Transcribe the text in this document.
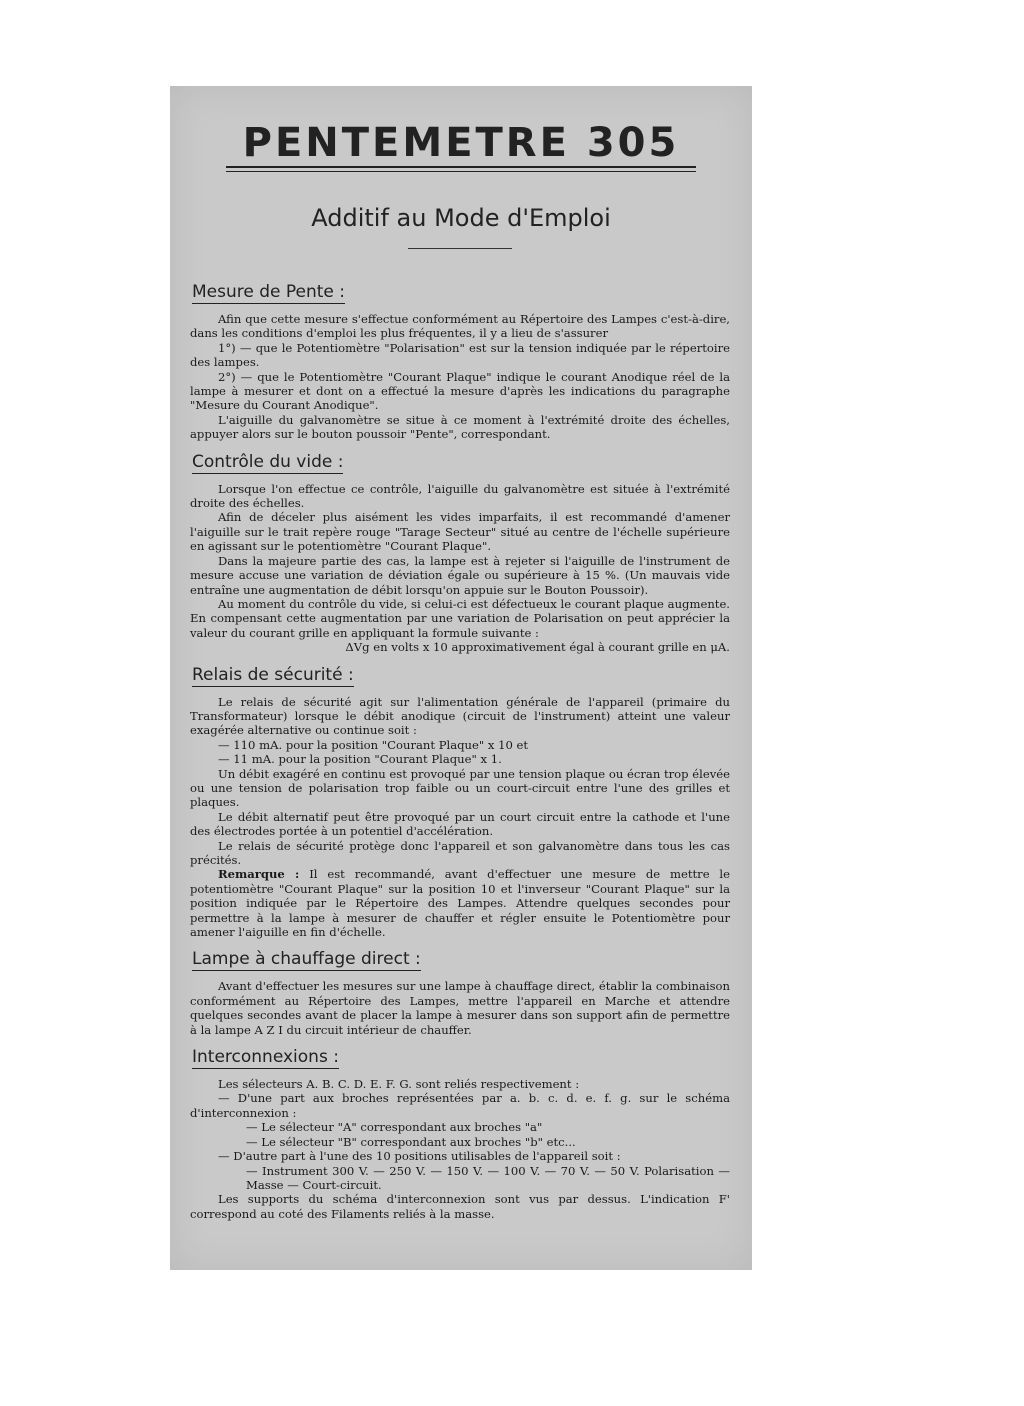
PENTEMETRE 305
Additif au Mode d'Emploi
Mesure de Pente :

Afin que cette mesure s'effectue conformément au Répertoire des Lampes c'est-à-dire, dans les conditions d'emploi les plus fréquentes, il y a lieu de s'assurer

1°) — que le Potentiomètre "Polarisation" est sur la tension indiquée par le répertoire des lampes.

2°) — que le Potentiomètre "Courant Plaque" indique le courant Anodique réel de la lampe à mesurer et dont on a effectué la mesure d'après les indications du paragraphe "Mesure du Courant Anodique".

L'aiguille du galvanomètre se situe à ce moment à l'extrémité droite des échelles, appuyer alors sur le bouton poussoir "Pente", correspondant.

Contrôle du vide :

Lorsque l'on effectue ce contrôle, l'aiguille du galvanomètre est située à l'extrémité droite des échelles.

Afin de déceler plus aisément les vides imparfaits, il est recommandé d'amener l'aiguille sur le trait repère rouge "Tarage Secteur" situé au centre de l'échelle supérieure en agissant sur le potentiomètre "Courant Plaque".

Dans la majeure partie des cas, la lampe est à rejeter si l'aiguille de l'instrument de mesure accuse une variation de déviation égale ou supérieure à 15 %. (Un mauvais vide entraîne une augmentation de débit lorsqu'on appuie sur le Bouton Poussoir).

Au moment du contrôle du vide, si celui-ci est défectueux le courant plaque augmente. En compensant cette augmentation par une variation de Polarisation on peut apprécier la valeur du courant grille en appliquant la formule suivante :

ΔVg en volts x 10 approximativement égal à courant grille en μA.

Relais de sécurité :

Le relais de sécurité agit sur l'alimentation générale de l'appareil (primaire du Transformateur) lorsque le débit anodique (circuit de l'instrument) atteint une valeur exagérée alternative ou continue soit :

— 110 mA. pour la position "Courant Plaque" x 10 et

— 11 mA. pour la position "Courant Plaque" x 1.

Un débit exagéré en continu est provoqué par une tension plaque ou écran trop élevée ou une tension de polarisation trop faible ou un court-circuit entre l'une des grilles et plaques.

Le débit alternatif peut être provoqué par un court circuit entre la cathode et l'une des électrodes portée à un potentiel d'accélération.

Le relais de sécurité protège donc l'appareil et son galvanomètre dans tous les cas précités.

Remarque : Il est recommandé, avant d'effectuer une mesure de mettre le potentiomètre "Courant Plaque" sur la position 10 et l'inverseur "Courant Plaque" sur la position indiquée par le Répertoire des Lampes. Attendre quelques secondes pour permettre à la lampe à mesurer de chauffer et régler ensuite le Potentiomètre pour amener l'aiguille en fin d'échelle.

Lampe à chauffage direct :

Avant d'effectuer les mesures sur une lampe à chauffage direct, établir la combinaison conformément au Répertoire des Lampes, mettre l'appareil en Marche et attendre quelques secondes avant de placer la lampe à mesurer dans son support afin de permettre à la lampe A Z I du circuit intérieur de chauffer.

Interconnexions :

Les sélecteurs A. B. C. D. E. F. G. sont reliés respectivement :

— D'une part aux broches représentées par a. b. c. d. e. f. g. sur le schéma d'interconnexion :

— Le sélecteur "A" correspondant aux broches "a"

— Le sélecteur "B" correspondant aux broches "b" etc...

— D'autre part à l'une des 10 positions utilisables de l'appareil soit :

— Instrument 300 V. — 250 V. — 150 V. — 100 V. — 70 V. — 50 V. Polarisation — Masse — Court-circuit.

Les supports du schéma d'interconnexion sont vus par dessus. L'indication F' correspond au coté des Filaments reliés à la masse.
